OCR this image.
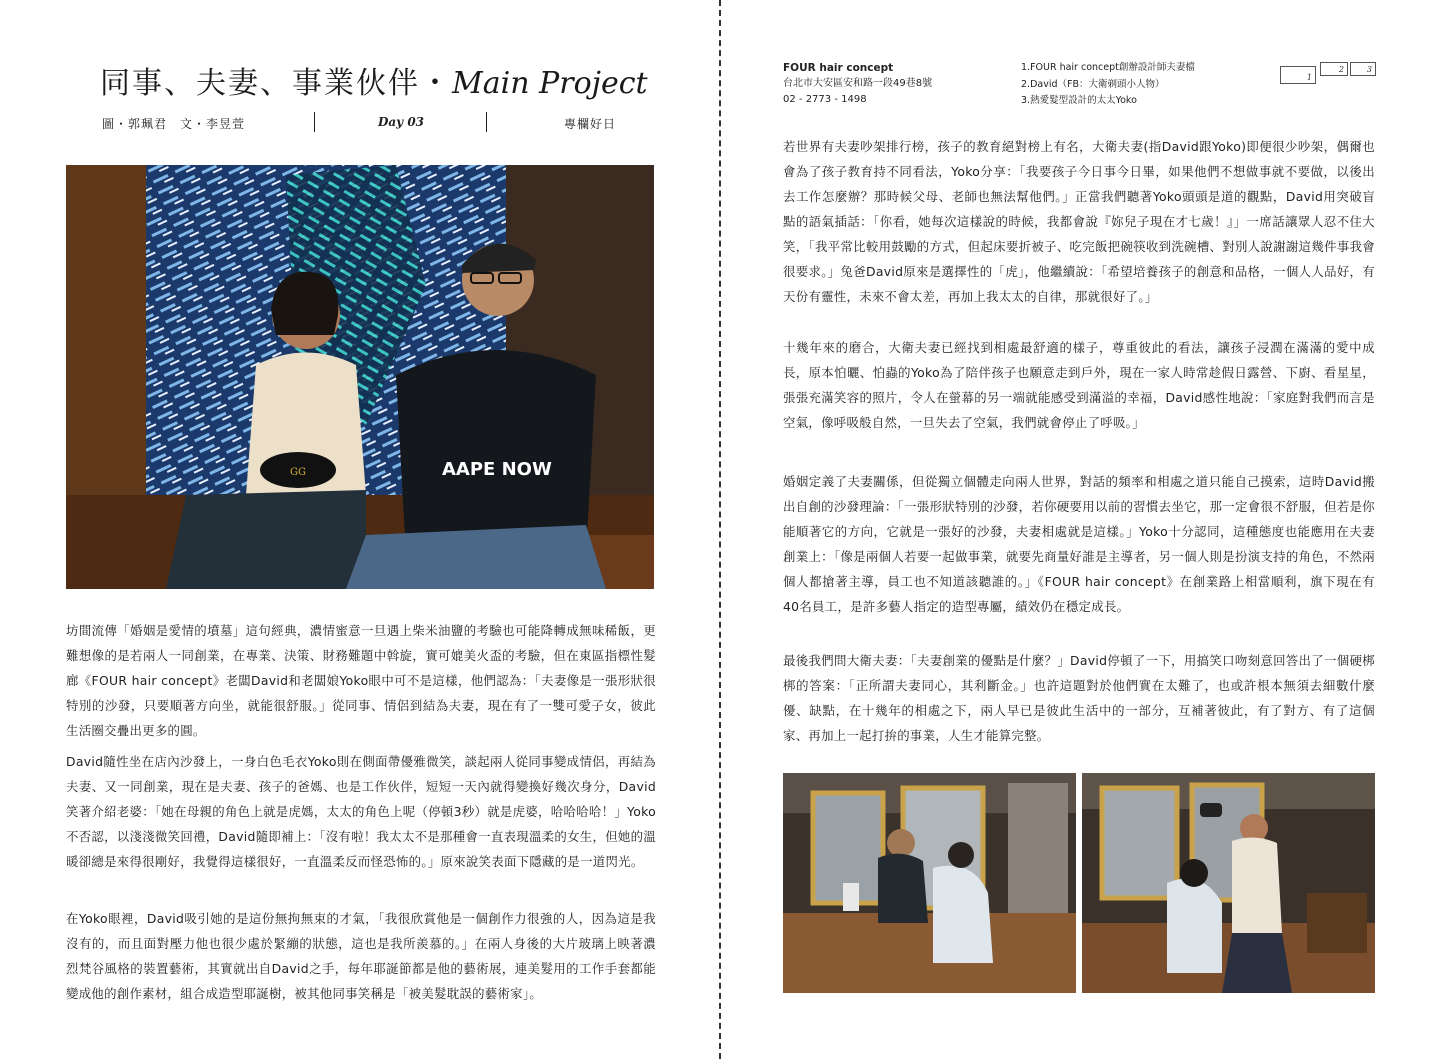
同事、夫妻、事業伙伴・Main Project
圖・郭珮君　文・李昱萱	Day 03	專欄好日
GG	AAPE NOW

坊間流傳「婚姻是愛情的墳墓」這句經典，濃情蜜意一旦遇上柴米油鹽的考驗也可能降轉成無味稀飯，更難想像的是若兩人一同創業，在專業、決策、財務難題中斡旋，實可媲美火盃的考驗，但在東區指標性髮廊《FOUR hair concept》老闆David和老闆娘Yoko眼中可不是這樣，他們認為：「夫妻像是一張形狀很特別的沙發，只要順著方向坐，就能很舒服。」從同事、情侶到結為夫妻，現在有了一雙可愛子女，彼此生活圈交疊出更多的圓。

David隨性坐在店內沙發上，一身白色毛衣Yoko則在側面帶優雅微笑，談起兩人從同事變成情侶，再結為夫妻、又一同創業，現在是夫妻、孩子的爸媽、也是工作伙伴，短短一天內就得變換好幾次身分，David笑著介紹老婆：「她在母親的角色上就是虎媽，太太的角色上呢（停頓3秒）就是虎婆，哈哈哈哈！」Yoko不否認，以淺淺微笑回禮，David隨即補上：「沒有啦！我太太不是那種會一直表現溫柔的女生，但她的溫暖卻總是來得很剛好，我覺得這樣很好，一直溫柔反而怪恐怖的。」原來說笑表面下隱藏的是一道閃光。

在Yoko眼裡，David吸引她的是這份無拘無束的才氣，「我很欣賞他是一個創作力很強的人，因為這是我沒有的，而且面對壓力他也很少處於緊繃的狀態，這也是我所羨慕的。」在兩人身後的大片玻璃上映著濃烈梵谷風格的裝置藝術，其實就出自David之手，每年耶誕節都是他的藝術展，連美髮用的工作手套都能變成他的創作素材，組合成造型耶誕樹，被其他同事笑稱是「被美髮耽誤的藝術家」。

FOUR hair concept
台北市大安區安和路一段49巷8號
02 - 2773 - 1498
1.FOUR hair concept創辦設計師夫妻檔
2.David（FB：大衛剃頭小人物）
3.熱愛髮型設計的太太Yoko
1
2	3

若世界有夫妻吵架排行榜，孩子的教育絕對榜上有名，大衛夫妻(指David跟Yoko)即便很少吵架，偶爾也會為了孩子教育持不同看法，Yoko分享：「我要孩子今日事今日畢，如果他們不想做事就不要做，以後出去工作怎麼辦？那時候父母、老師也無法幫他們。」正當我們聽著Yoko頭頭是道的觀點，David用突破盲點的語氣插話：「你看，她每次這樣說的時候，我都會說『妳兒子現在才七歲！』」一席話讓眾人忍不住大笑，「我平常比較用鼓勵的方式，但起床要折被子、吃完飯把碗筷收到洗碗槽、對別人說謝謝這幾件事我會很要求。」兔爸David原來是選擇性的「虎」，他繼續說：「希望培養孩子的創意和品格，一個人人品好，有天份有靈性，未來不會太差，再加上我太太的自律，那就很好了。」

十幾年來的磨合，大衛夫妻已經找到相處最舒適的樣子，尊重彼此的看法，讓孩子浸潤在滿滿的愛中成長，原本怕曬、怕蟲的Yoko為了陪伴孩子也願意走到戶外，現在一家人時常趁假日露營、下廚、看星星，張張充滿笑容的照片，令人在螢幕的另一端就能感受到滿溢的幸福，David感性地說：「家庭對我們而言是空氣，像呼吸般自然，一旦失去了空氣，我們就會停止了呼吸。」

婚姻定義了夫妻關係，但從獨立個體走向兩人世界，對話的頻率和相處之道只能自己摸索，這時David搬出自創的沙發理論：「一張形狀特別的沙發，若你硬要用以前的習慣去坐它，那一定會很不舒服，但若是你能順著它的方向，它就是一張好的沙發，夫妻相處就是這樣。」Yoko十分認同，這種態度也能應用在夫妻創業上：「像是兩個人若要一起做事業，就要先商量好誰是主導者，另一個人則是扮演支持的角色，不然兩個人都搶著主導，員工也不知道該聽誰的。」《FOUR hair concept》在創業路上相當順利，旗下現在有40名員工，是許多藝人指定的造型專屬，績效仍在穩定成長。

最後我們問大衛夫妻：「夫妻創業的優點是什麼？」David停頓了一下，用搞笑口吻刻意回答出了一個硬梆梆的答案：「正所謂夫妻同心，其利斷金。」也許這題對於他們實在太難了，也或許根本無須去細數什麼優、缺點，在十幾年的相處之下，兩人早已是彼此生活中的一部分，互補著彼此，有了對方、有了這個家、再加上一起打拚的事業，人生才能算完整。
